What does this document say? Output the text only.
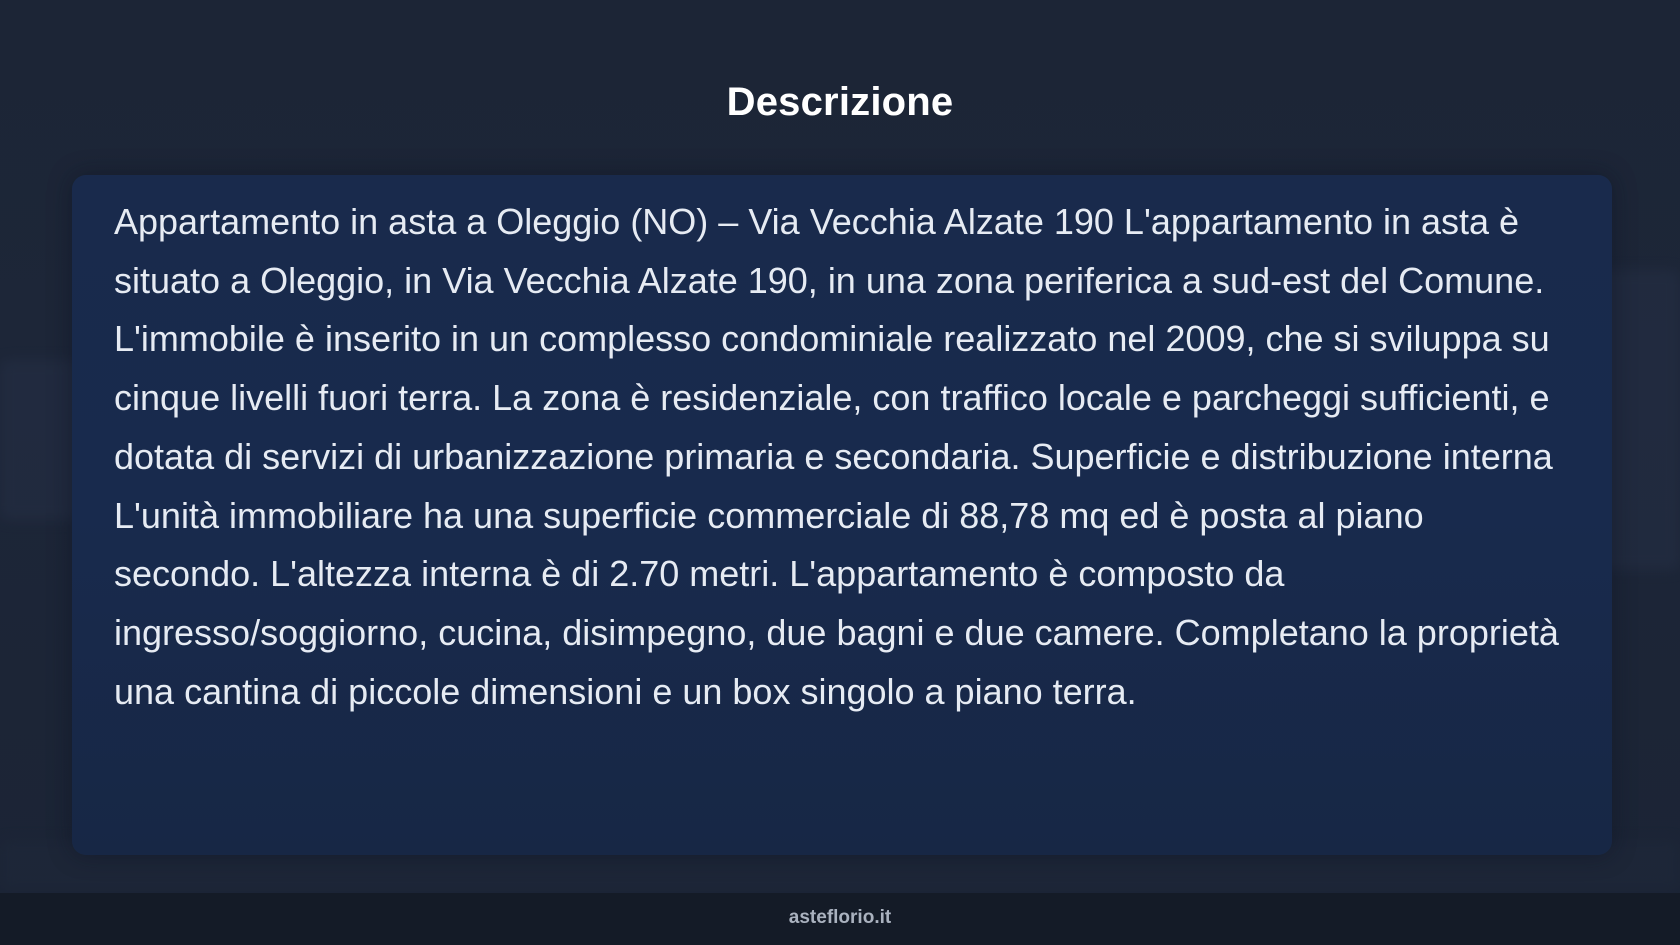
Descrizione

Appartamento in asta a Oleggio (NO) – Via Vecchia Alzate 190 L'appartamento in asta è situato a Oleggio, in Via Vecchia Alzate 190, in una zona periferica a sud-est del Comune. L'immobile è inserito in un complesso condominiale realizzato nel 2009, che si sviluppa su cinque livelli fuori terra. La zona è residenziale, con traffico locale e parcheggi sufficienti, e dotata di servizi di urbanizzazione primaria e secondaria. Superficie e distribuzione interna L'unità immobiliare ha una superficie commerciale di 88,78 mq ed è posta al piano secondo. L'altezza interna è di 2.70 metri. L'appartamento è composto da ingresso/soggiorno, cucina, disimpegno, due bagni e due camere. Completano la proprietà una cantina di piccole dimensioni e un box singolo a piano terra.

asteflorio.it
